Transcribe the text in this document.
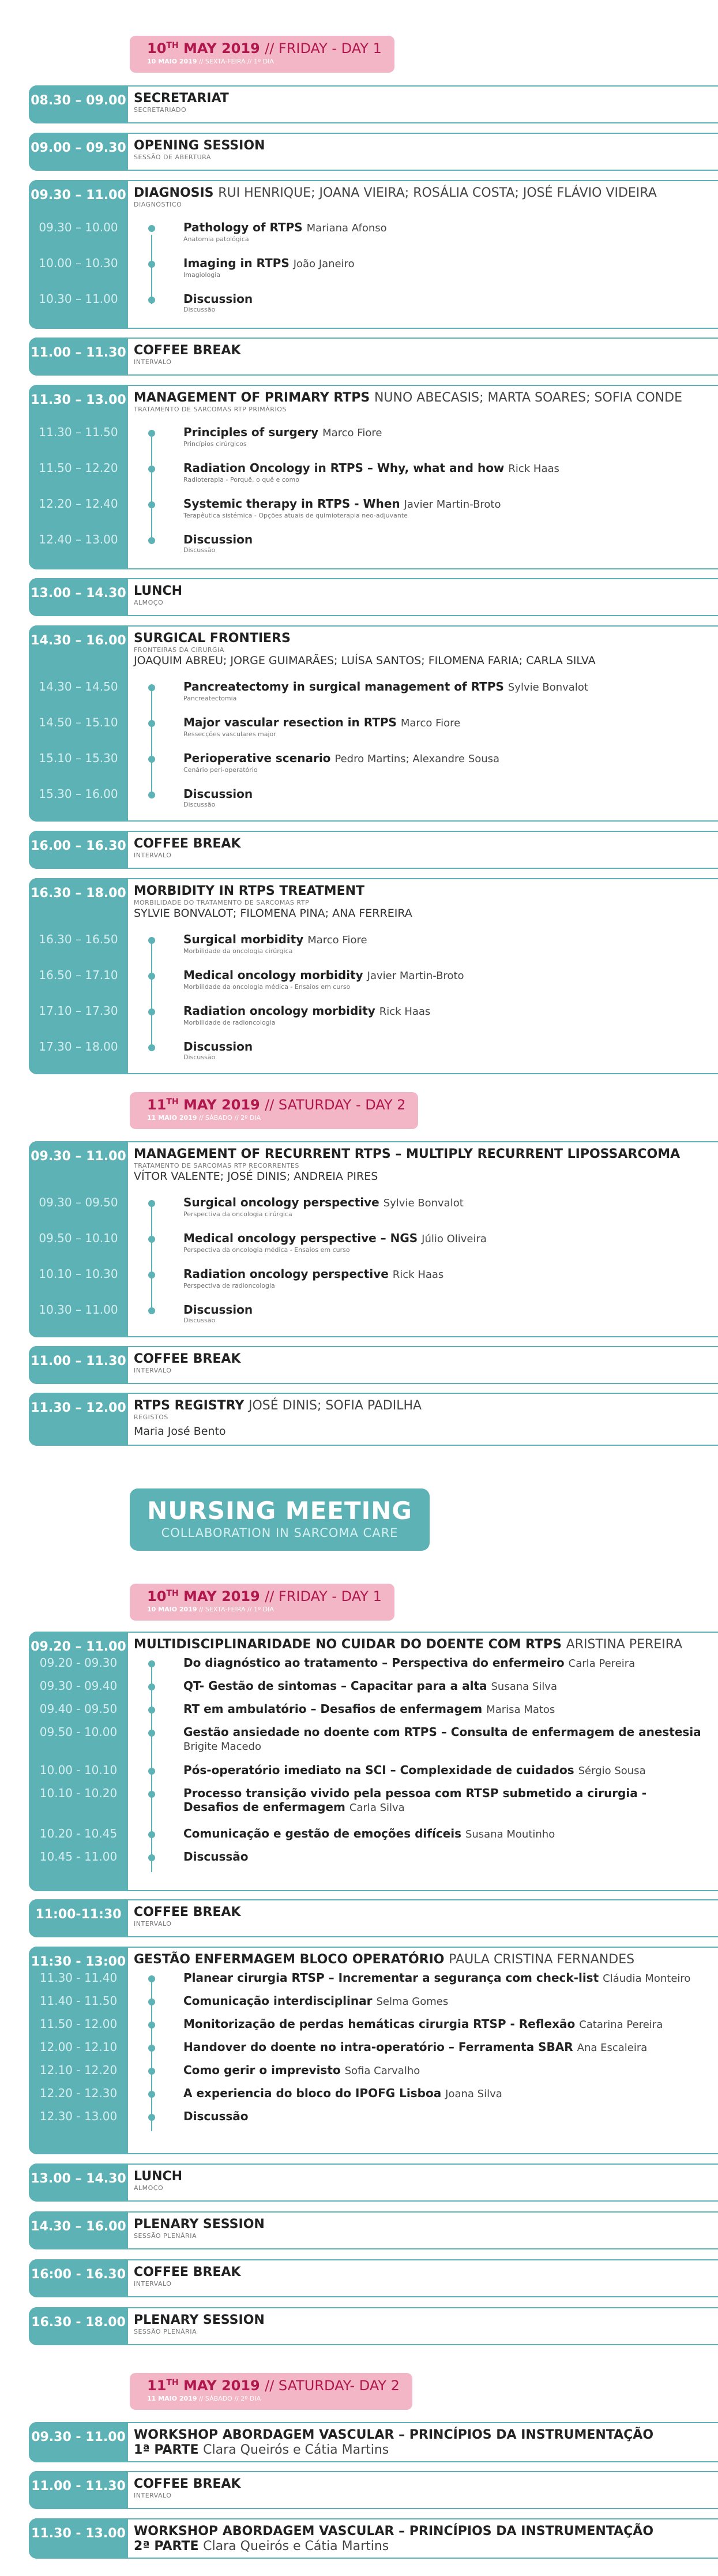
10TH MAY 2019 // FRIDAY - DAY 1
10 MAIO 2019 // SEXTA-FEIRA // 1º DIA
08.30 – 09.00 SECRETARIAT
SECRETARIADO
09.00 – 09.30 OPENING SESSION
SESSÃO DE ABERTURA
09.30 – 11.00 DIAGNOSIS RUI HENRIQUE; JOANA VIEIRA; ROSÁLIA COSTA; JOSÉ FLÁVIO VIDEIRA
DIAGNÓSTICO
09.30 – 10.00	Pathology of RTPS Mariana Afonso
Anatomia patológica
10.00 – 10.30	Imaging in RTPS João Janeiro
Imagiologia
10.30 – 11.00	Discussion
Discussão
11.00 – 11.30 COFFEE BREAK
INTERVALO
11.30 – 13.00 MANAGEMENT OF PRIMARY RTPS NUNO ABECASIS; MARTA SOARES; SOFIA CONDE
TRATAMENTO DE SARCOMAS RTP PRIMÁRIOS
11.30 – 11.50	Principles of surgery Marco Fiore
Princípios cirúrgicos
11.50 – 12.20	Radiation Oncology in RTPS – Why, what and how Rick Haas
Radioterapia - Porquê, o quê e como
12.20 – 12.40	Systemic therapy in RTPS - When Javier Martin-Broto
Terapêutica sistémica - Opções atuais de quimioterapia neo-adjuvante
12.40 – 13.00	Discussion
Discussão
13.00 – 14.30 LUNCH
ALMOÇO
14.30 – 16.00 SURGICAL FRONTIERS
FRONTEIRAS DA CIRURGIA
JOAQUIM ABREU; JORGE GUIMARÃES; LUÍSA SANTOS; FILOMENA FARIA; CARLA SILVA
14.30 – 14.50	Pancreatectomy in surgical management of RTPS Sylvie Bonvalot
Pancreatectomia
14.50 – 15.10	Major vascular resection in RTPS Marco Fiore
Ressecções vasculares major
15.10 – 15.30	Perioperative scenario Pedro Martins; Alexandre Sousa
Cenário peri-operatório
15.30 – 16.00	Discussion
Discussão
16.00 – 16.30 COFFEE BREAK
INTERVALO
16.30 – 18.00 MORBIDITY IN RTPS TREATMENT
MORBILIDADE DO TRATAMENTO DE SARCOMAS RTP
SYLVIE BONVALOT; FILOMENA PINA; ANA FERREIRA
16.30 – 16.50	Surgical morbidity Marco Fiore
Morbilidade da oncologia cirúrgica
16.50 – 17.10	Medical oncology morbidity Javier Martin-Broto
Morbilidade da oncologia médica - Ensaios em curso
17.10 – 17.30	Radiation oncology morbidity Rick Haas
Morbilidade de radioncologia
17.30 – 18.00	Discussion
Discussão
11TH MAY 2019 // SATURDAY - DAY 2
11 MAIO 2019 // SÁBADO // 2º DIA
09.30 – 11.00 MANAGEMENT OF RECURRENT RTPS – MULTIPLY RECURRENT LIPOSSARCOMA
TRATAMENTO DE SARCOMAS RTP RECORRENTES
VÍTOR VALENTE; JOSÉ DINIS; ANDREIA PIRES
09.30 – 09.50	Surgical oncology perspective Sylvie Bonvalot
Perspectiva da oncologia cirúrgica
09.50 – 10.10	Medical oncology perspective – NGS Júlio Oliveira
Perspectiva da oncologia médica - Ensaios em curso
10.10 – 10.30	Radiation oncology perspective Rick Haas
Perspectiva de radioncologia
10.30 – 11.00	Discussion
Discussão
11.00 – 11.30 COFFEE BREAK
INTERVALO
11.30 – 12.00 RTPS REGISTRY JOSÉ DINIS; SOFIA PADILHA
REGISTOS
Maria José Bento
NURSING MEETING
COLLABORATION IN SARCOMA CARE
10TH MAY 2019 // FRIDAY - DAY 1
10 MAIO 2019 // SEXTA-FEIRA // 1º DIA
09.20 – 11.00 MULTIDISCIPLINARIDADE NO CUIDAR DO DOENTE COM RTPS ARISTINA PEREIRA
09.20 - 09.30	Do diagnóstico ao tratamento – Perspectiva do enfermeiro Carla Pereira
09.30 - 09.40	QT- Gestão de sintomas – Capacitar para a alta Susana Silva
09.40 - 09.50	RT em ambulatório – Desafios de enfermagem Marisa Matos
09.50 - 10.00	Gestão ansiedade no doente com RTPS – Consulta de enfermagem de anestesia
Brigite Macedo
10.00 - 10.10	Pós-operatório imediato na SCI – Complexidade de cuidados Sérgio Sousa
10.10 - 10.20	Processo transição vivido pela pessoa com RTSP submetido a cirurgia - Desafios de enfermagem Carla Silva
10.20 - 10.45	Comunicação e gestão de emoções difíceis Susana Moutinho
10.45 - 11.00	Discussão
11:00-11:30 COFFEE BREAK
INTERVALO
11:30 - 13:00 GESTÃO ENFERMAGEM BLOCO OPERATÓRIO PAULA CRISTINA FERNANDES
11.30 - 11.40	Planear cirurgia RTSP – Incrementar a segurança com check-list Cláudia Monteiro
11.40 - 11.50	Comunicação interdisciplinar Selma Gomes
11.50 - 12.00	Monitorização de perdas hemáticas cirurgia RTSP - Reflexão Catarina Pereira
12.00 - 12.10	Handover do doente no intra-operatório – Ferramenta SBAR Ana Escaleira
12.10 - 12.20	Como gerir o imprevisto Sofia Carvalho
12.20 - 12.30	A experiencia do bloco do IPOFG Lisboa Joana Silva
12.30 - 13.00	Discussão
13.00 – 14.30 LUNCH
ALMOÇO
14.30 – 16.00 PLENARY SESSION
SESSÃO PLENÁRIA
16:00 - 16.30 COFFEE BREAK
INTERVALO
16.30 - 18.00 PLENARY SESSION
SESSÃO PLENÁRIA
11TH MAY 2019 // SATURDAY- DAY 2
11 MAIO 2019 // SÁBADO // 2º DIA
09.30 - 11.00 WORKSHOP ABORDAGEM VASCULAR – PRINCÍPIOS DA INSTRUMENTAÇÃO
1ª PARTE Clara Queirós e Cátia Martins
11.00 - 11.30 COFFEE BREAK
INTERVALO
11.30 - 13.00 WORKSHOP ABORDAGEM VASCULAR – PRINCÍPIOS DA INSTRUMENTAÇÃO
2ª PARTE Clara Queirós e Cátia Martins
